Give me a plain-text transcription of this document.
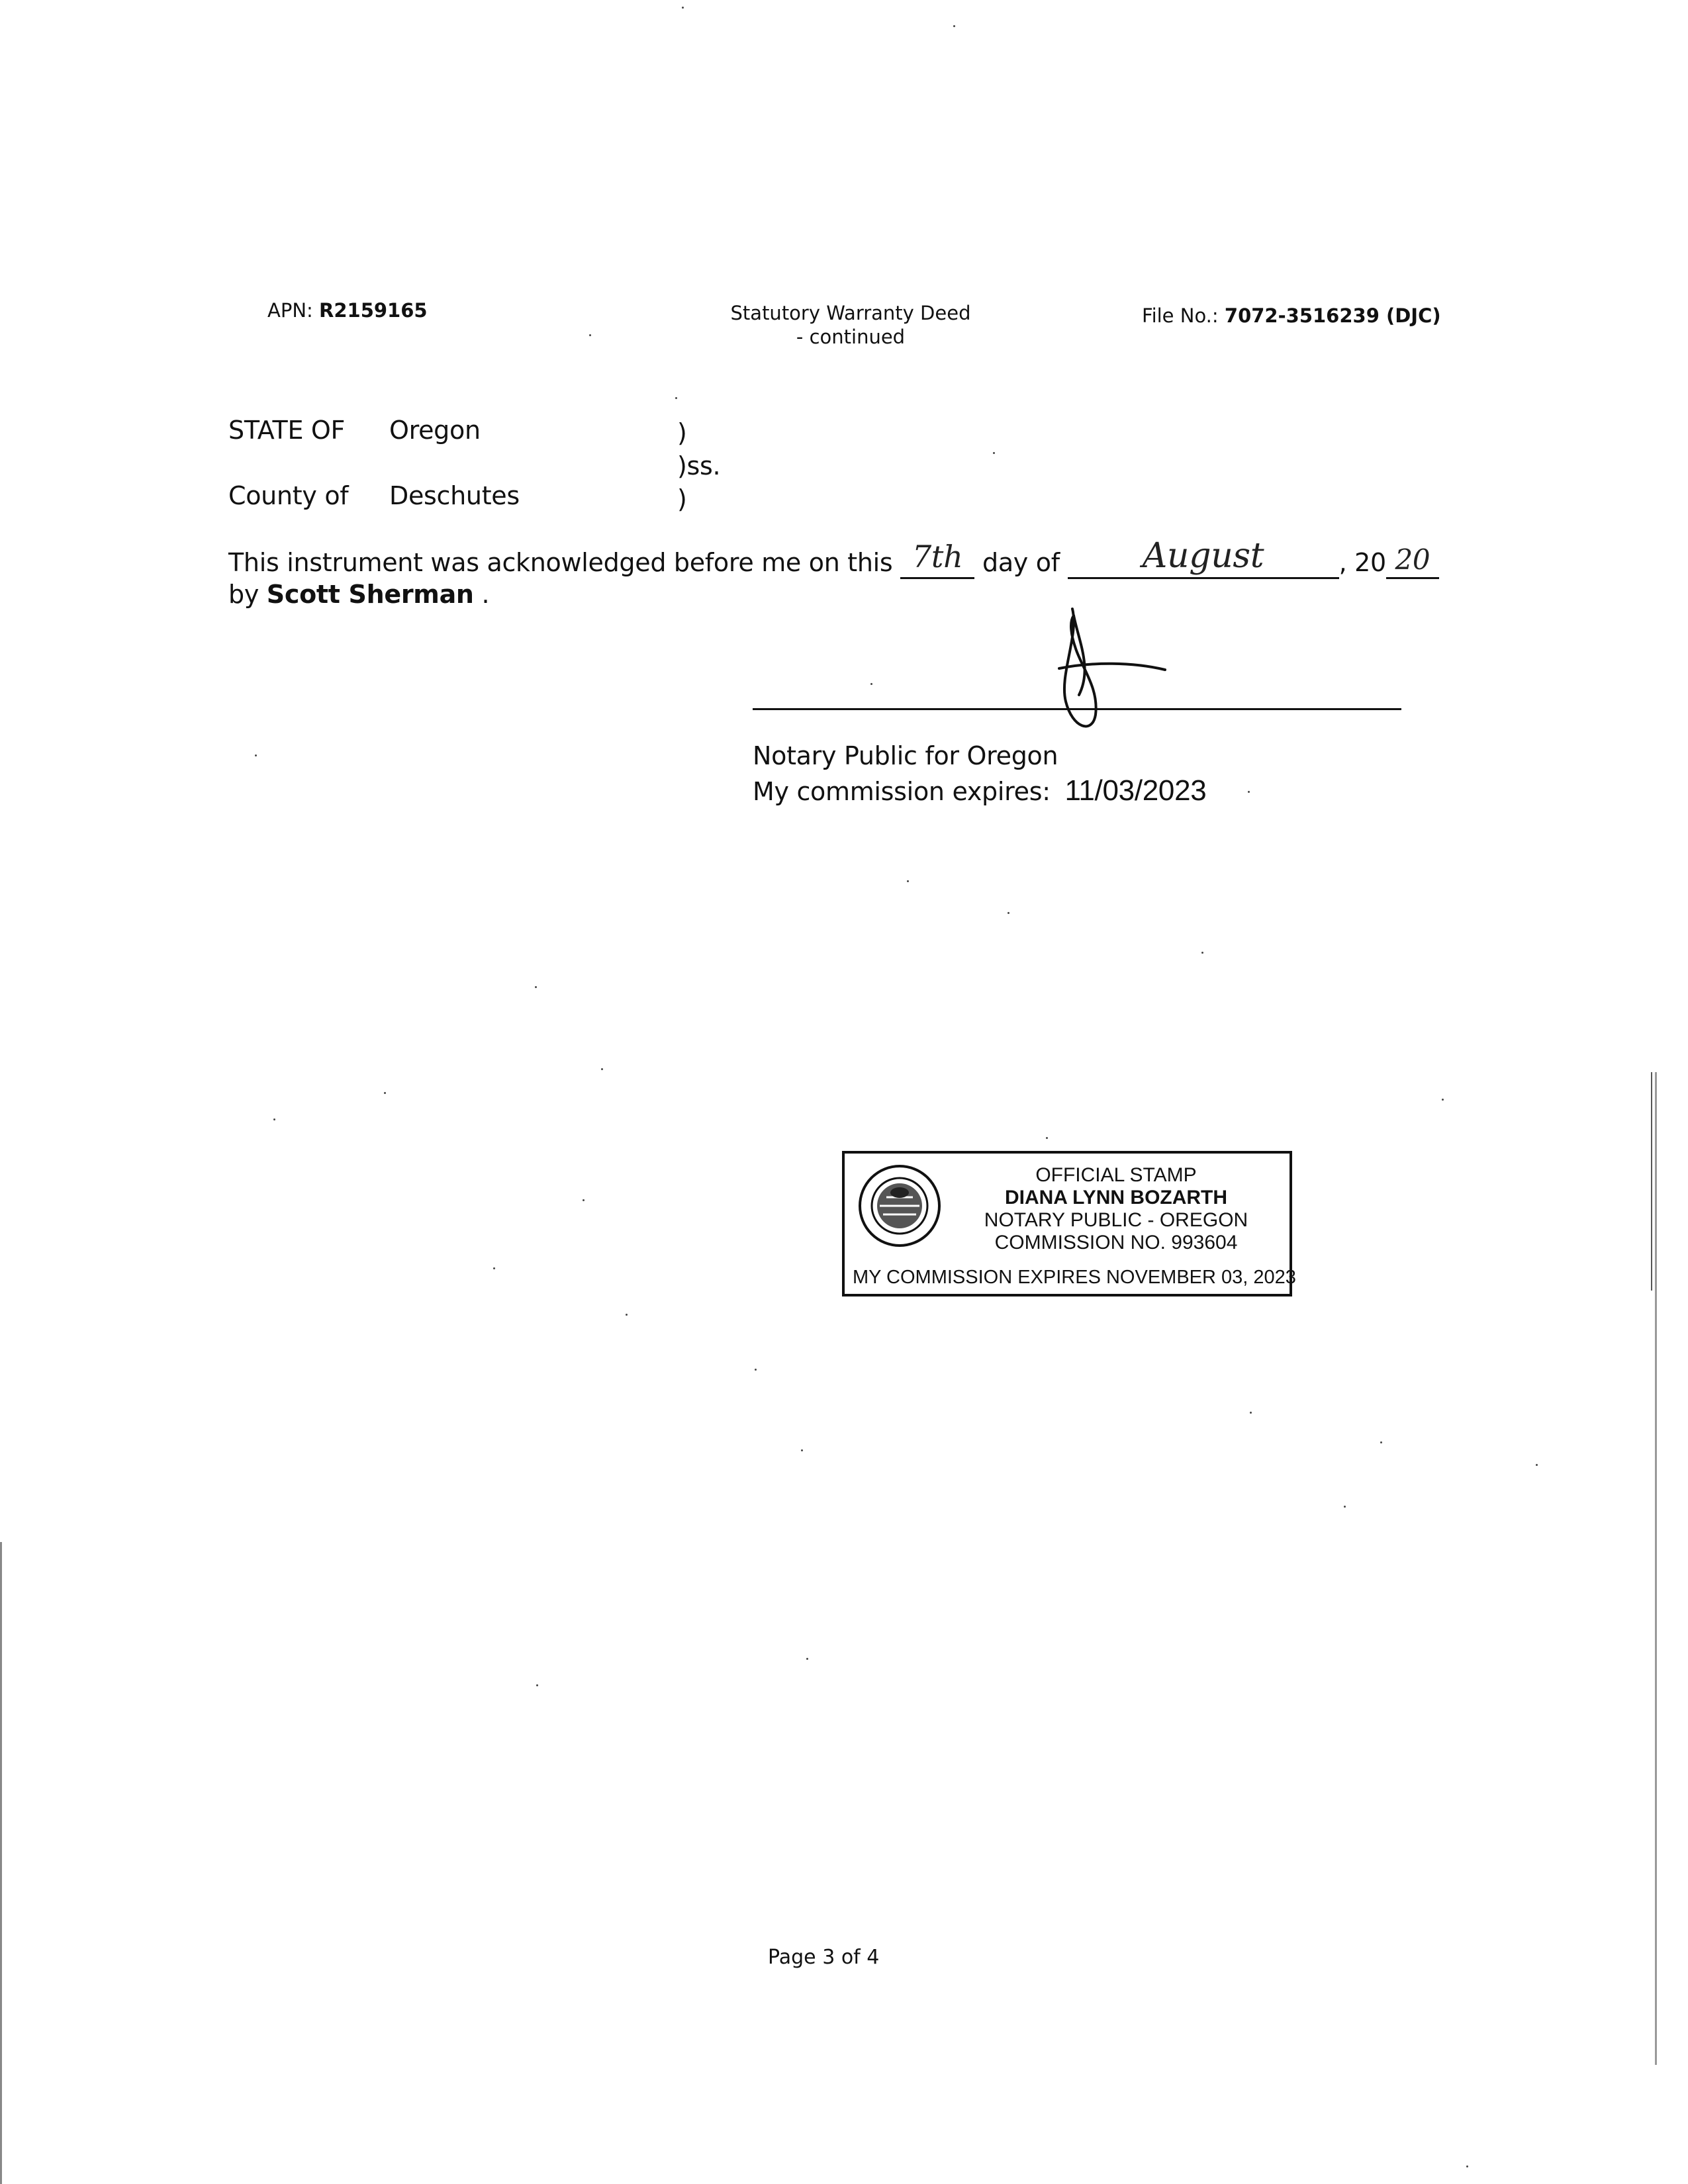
APN: R2159165	Statutory Warranty Deed
- continued
File No.: 7072-3516239 (DJC)
STATE OF Oregon	)
)ss.
)
County of Deschutes
This instrument was acknowledged before me on this 7th day of	August	, 20 20

by Scott Sherman .
Notary Public for Oregon
My commission expires: 11/03/2023
OFFICIAL STAMP
DIANA LYNN BOZARTH
NOTARY PUBLIC - OREGON
COMMISSION NO. 993604
MY COMMISSION EXPIRES NOVEMBER 03, 2023
Page 3 of 4
